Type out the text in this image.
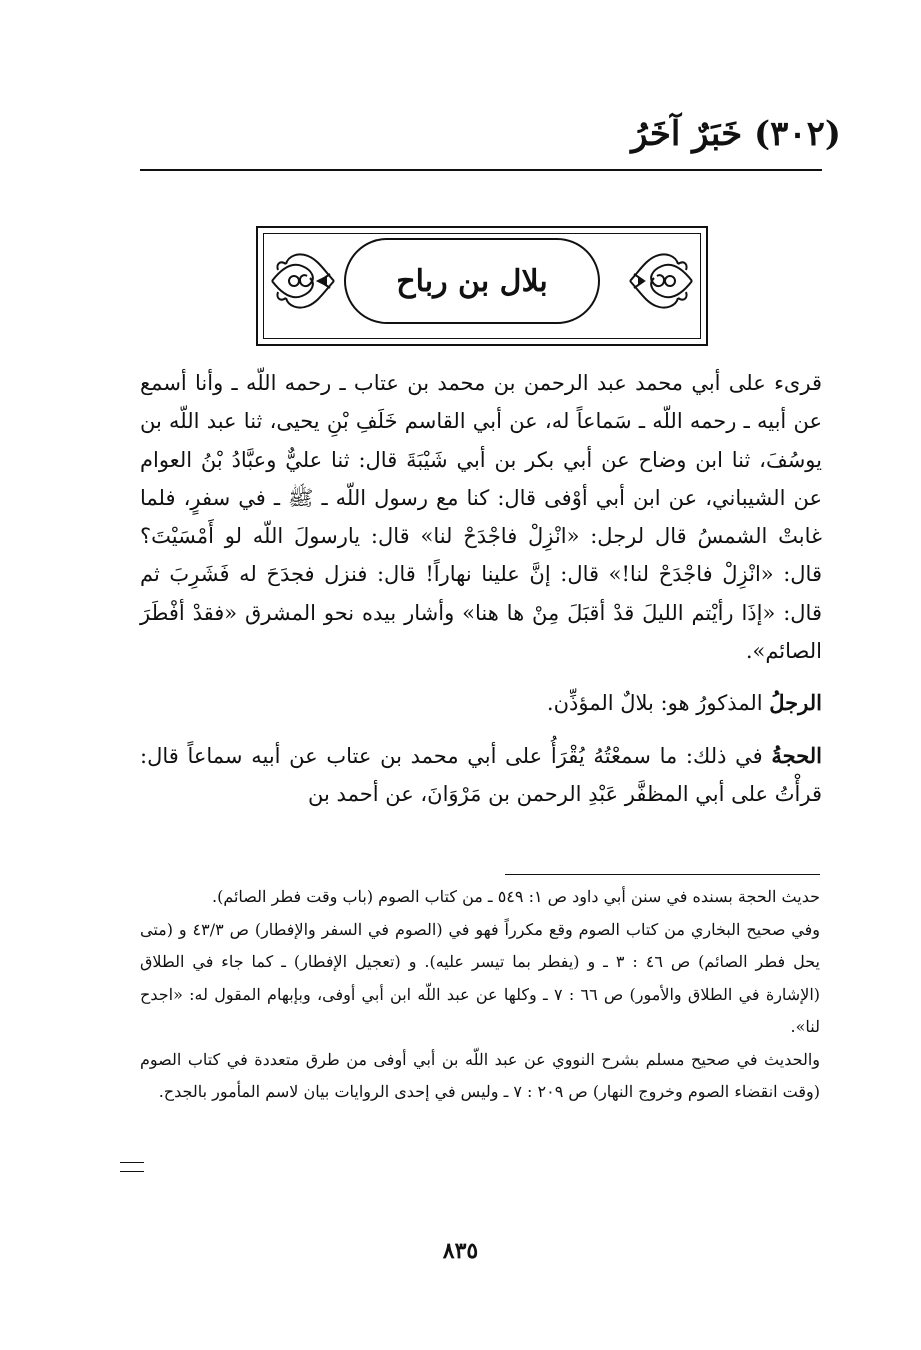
(٣٠٢) خَبَرٌ آخَرُ
بلال بن رباح

قرىء على أبي محمد عبد الرحمن بن محمد بن عتاب ـ رحمه اللّه ـ وأنا أسمع عن أبيه ـ رحمه اللّه ـ سَماعاً له، عن أبي القاسم خَلَفِ بْنِ يحيى، ثنا عبد اللّه بن يوسُفَ، ثنا ابن وضاح عن أبي بكر بن أبي شَيْبَةَ قال: ثنا عليٌّ وعبَّادُ بْنُ العوام عن الشيباني، عن ابن أبي أوْفى قال: كنا مع رسول اللّه ـ ﷺ ـ في سفرٍ، فلما غابتْ الشمسُ قال لرجل: «انْزِلْ فاجْدَحْ لنا» قال: يارسولَ اللّه لو أَمْسَيْتَ؟ قال: «انْزِلْ فاجْدَحْ لنا!» قال: إنَّ علينا نهاراً! قال: فنزل فجدَحَ له فَشَرِبَ ثم قال: «إذَا رأيْتم الليلَ قدْ أقبَلَ مِنْ ها هنا» وأشار بيده نحو المشرق «فقدْ أفْطَرَ الصائم».

الرجلُ المذكورُ هو: بلالٌ المؤذِّن.

الحجةُ في ذلك: ما سمعْتُهُ يُقْرَأُ على أبي محمد بن عتاب عن أبيه سماعاً قال: قرأْتُ على أبي المظفَّر عَبْدِ الرحمن بن مَرْوَانَ، عن أحمد بن

حديث الحجة بسنده في سنن أبي داود ص ١: ٥٤٩ ـ من كتاب الصوم (باب وقت فطر الصائم).

وفي صحيح البخاري من كتاب الصوم وقع مكرراً فهو في (الصوم في السفر والإفطار) ص ٤٣/٣ و (متى يحل فطر الصائم) ص ٤٦ : ٣ ـ و (يفطر بما تيسر عليه). و (تعجيل الإفطار) ـ كما جاء في الطلاق (الإشارة في الطلاق والأمور) ص ٦٦ : ٧ ـ وكلها عن عبد اللّه ابن أبي أوفى، وبإبهام المقول له: «اجدح لنا».

والحديث في صحيح مسلم بشرح النووي عن عبد اللّه بن أبي أوفى من طرق متعددة في كتاب الصوم (وقت انقضاء الصوم وخروج النهار) ص ٢٠٩ : ٧ ـ وليس في إحدى الروايات بيان لاسم المأمور بالجدح.

٨٣٥
